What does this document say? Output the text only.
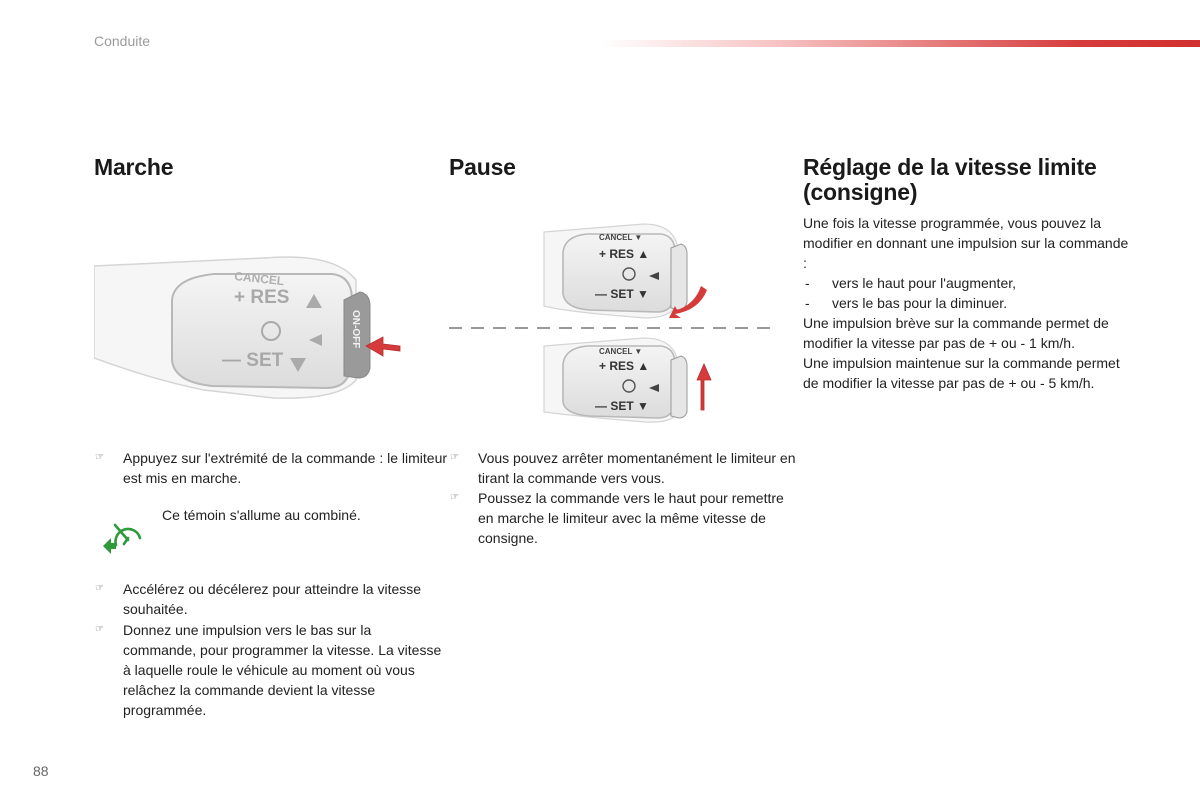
Conduite
Marche
CANCEL
+ RES
— SET
ON-OFF
☞ Appuyez sur l'extrémité de la commande : le limiteur est mis en marche.
Ce témoin s'allume au combiné.
☞ Accélérez ou décélerez pour atteindre la vitesse souhaitée.
☞ Donnez une impulsion vers le bas sur la commande, pour programmer la vitesse. La vitesse à laquelle roule le véhicule au moment où vous relâchez la commande devient la vitesse programmée.
Pause
CANCEL ▼
+ RES ▲
— SET ▼
CANCEL ▼
+ RES ▲
— SET ▼
☞ Vous pouvez arrêter momentanément le limiteur en tirant la commande vers vous.
☞ Poussez la commande vers le haut pour remettre en marche le limiteur avec la même vitesse de consigne.
Réglage de la vitesse limite (consigne)
Une fois la vitesse programmée, vous pouvez la modifier en donnant une impulsion sur la commande :
- vers le haut pour l'augmenter,
- vers le bas pour la diminuer.
Une impulsion brève sur la commande permet de modifier la vitesse par pas de + ou - 1 km/h.
Une impulsion maintenue sur la commande permet de modifier la vitesse par pas de + ou - 5 km/h.
88
